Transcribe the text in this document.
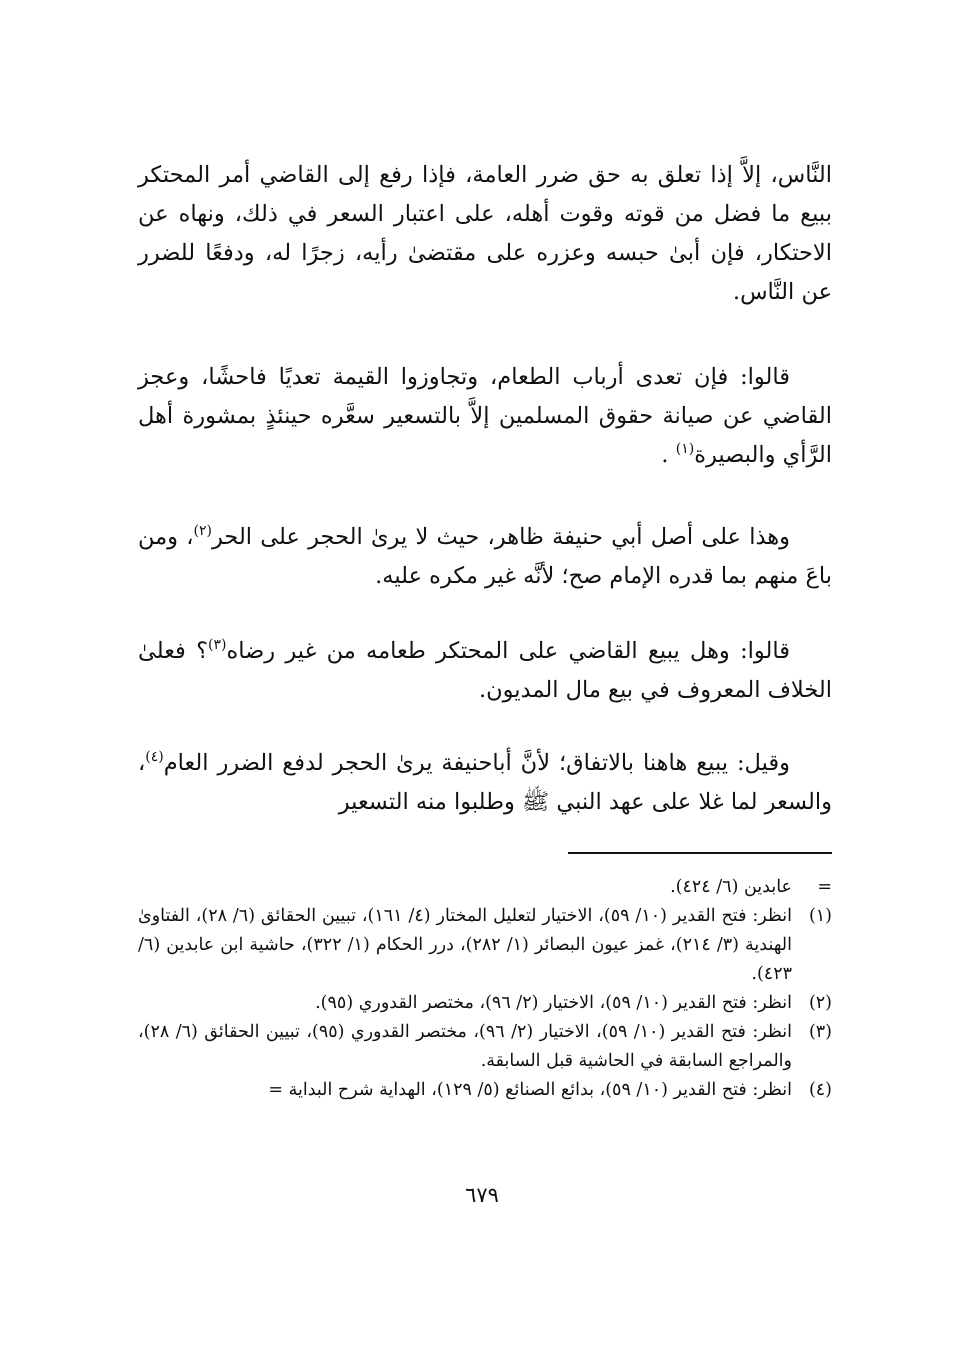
النَّاس، إلاَّ إذا تعلق به حق ضرر العامة، فإذا رفع إلى القاضي أمر المحتكر ببيع ما فضل من قوته وقوت أهله، على اعتبار السعر في ذلك، ونهاه عن الاحتكار، فإن أبىٰ حبسه وعزره على مقتضىٰ رأيه، زجرًا له، ودفعًا للضرر عن النَّاس.

قالوا: فإن تعدى أرباب الطعام، وتجاوزوا القيمة تعديًا فاحشًا، وعجز القاضي عن صيانة حقوق المسلمين إلاَّ بالتسعير سعَّره حينئذٍ بمشورة أهل الرَّأي والبصيرة$^{(١)}$ .

وهذا على أصل أبي حنيفة ظاهر، حيث لا يرىٰ الحجر على الحر$^{(٢)}$، ومن باعَ منهم بما قدره الإمام صح؛ لأنَّه غير مكره عليه.

قالوا: وهل يبيع القاضي على المحتكر طعامه من غير رضاه$^{(٣)}$؟ فعلىٰ الخلاف المعروف في بيع مال المديون.

وقيل: يبيع هاهنا بالاتفاق؛ لأنَّ أباحنيفة يرىٰ الحجر لدفع الضرر العام$^{(٤)}$، والسعر لما غلا على عهد النبي ﷺ وطلبوا منه التسعير

=
عابدين (٦/ ٤٢٤).
(١)
انظر: فتح القدير (١٠/ ٥٩)، الاختيار لتعليل المختار (٤/ ١٦١)، تبيين الحقائق (٦/ ٢٨)، الفتاوىٰ الهندية (٣/ ٢١٤)، غمز عيون البصائر (١/ ٢٨٢)، درر الحكام (١/ ٣٢٢)، حاشية ابن عابدين (٦/ ٤٢٣).
(٢)
انظر: فتح القدير (١٠/ ٥٩)، الاختيار (٢/ ٩٦)، مختصر القدوري (٩٥).
(٣)
انظر: فتح القدير (١٠/ ٥٩)، الاختيار (٢/ ٩٦)، مختصر القدوري (٩٥)، تبيين الحقائق (٦/ ٢٨)، والمراجع السابقة في الحاشية قبل السابقة.
(٤)
انظر: فتح القدير (١٠/ ٥٩)، بدائع الصنائع (٥/ ١٢٩)، الهداية شرح البداية =
٦٧٩
